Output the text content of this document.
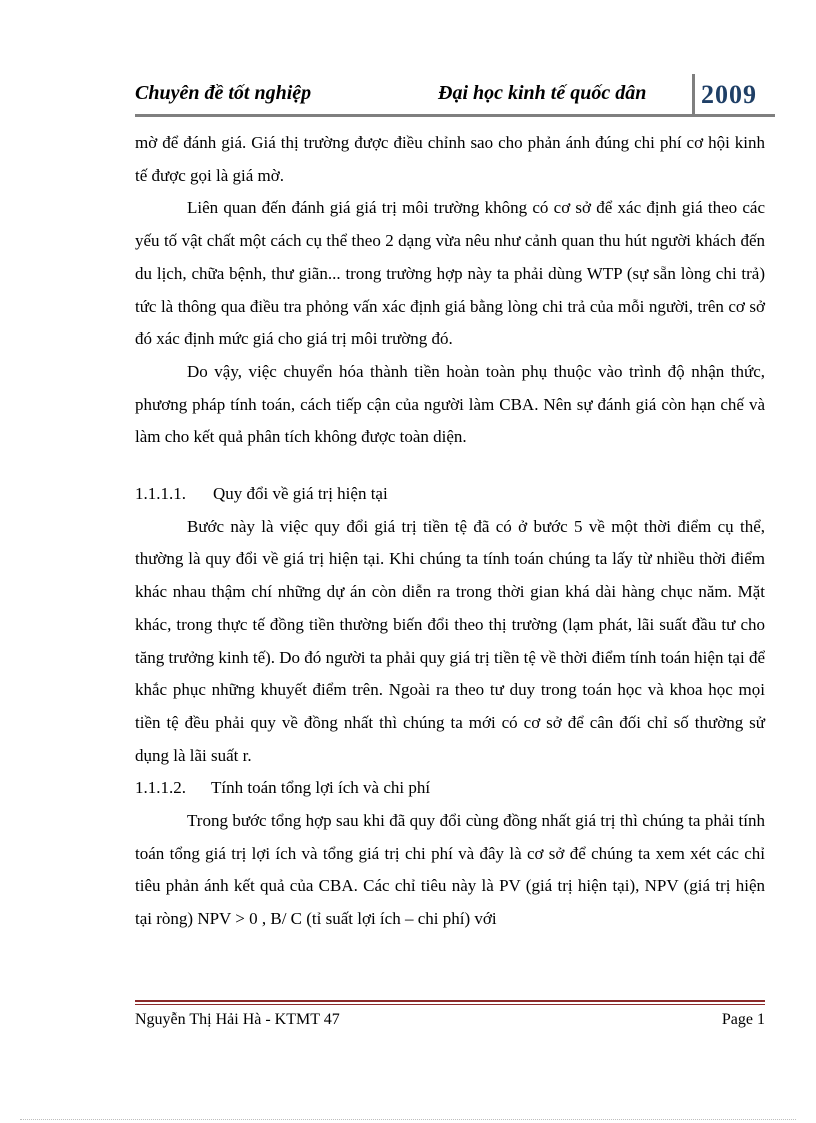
Chuyên đề tốt nghiệp	Đại học kinh tế quốc dân 2009

mờ để đánh giá. Giá thị trường được điều chỉnh sao cho phản ánh đúng chi phí cơ hội kinh tế được gọi là giá mờ.

Liên quan đến đánh giá giá trị môi trường không có cơ sở để xác định giá theo các yếu tố vật chất một cách cụ thể theo 2 dạng vừa nêu như cảnh quan thu hút người khách đến du lịch, chữa bệnh, thư giãn... trong trường hợp này ta phải dùng WTP (sự sẵn lòng chi trả) tức là thông qua điều tra phỏng vấn xác định giá bằng lòng chi trả của mỗi người, trên cơ sở đó xác định mức giá cho giá trị môi trường đó.

Do vậy, việc chuyển hóa thành tiền hoàn toàn phụ thuộc vào trình độ nhận thức, phương pháp tính toán, cách tiếp cận của người làm CBA. Nên sự đánh giá còn hạn chế và làm cho kết quả phân tích không được toàn diện.

1.1.1.1.	Quy đổi về giá trị hiện tại

Bước này là việc quy đổi giá trị tiền tệ đã có ở bước 5 về một thời điểm cụ thể, thường là quy đổi về giá trị hiện tại. Khi chúng ta tính toán chúng ta lấy từ nhiều thời điểm khác nhau thậm chí những dự án còn diễn ra trong thời gian khá dài hàng chục năm. Mặt khác, trong thực tế đồng tiền thường biến đổi theo thị trường (lạm phát, lãi suất đầu tư cho tăng trưởng kinh tế). Do đó người ta phải quy giá trị tiền tệ về thời điểm tính toán hiện tại để khắc phục những khuyết điểm trên. Ngoài ra theo tư duy trong toán học và khoa học mọi tiền tệ đều phải quy về đồng nhất thì chúng ta mới có cơ sở để cân đối chỉ số thường sử dụng là lãi suất r.

1.1.1.2.	Tính toán tổng lợi ích và chi phí

Trong bước tổng hợp sau khi đã quy đổi cùng đồng nhất giá trị thì chúng ta phải tính toán tổng giá trị lợi ích và tổng giá trị chi phí và đây là cơ sở để chúng ta xem xét các chỉ tiêu phản ánh kết quả của CBA. Các chỉ tiêu này là PV (giá trị hiện tại), NPV (giá trị hiện tại ròng) NPV > 0 , B/ C (tỉ suất lợi ích – chi phí) với

Nguyễn Thị Hải Hà - KTMT 47	Page 1
